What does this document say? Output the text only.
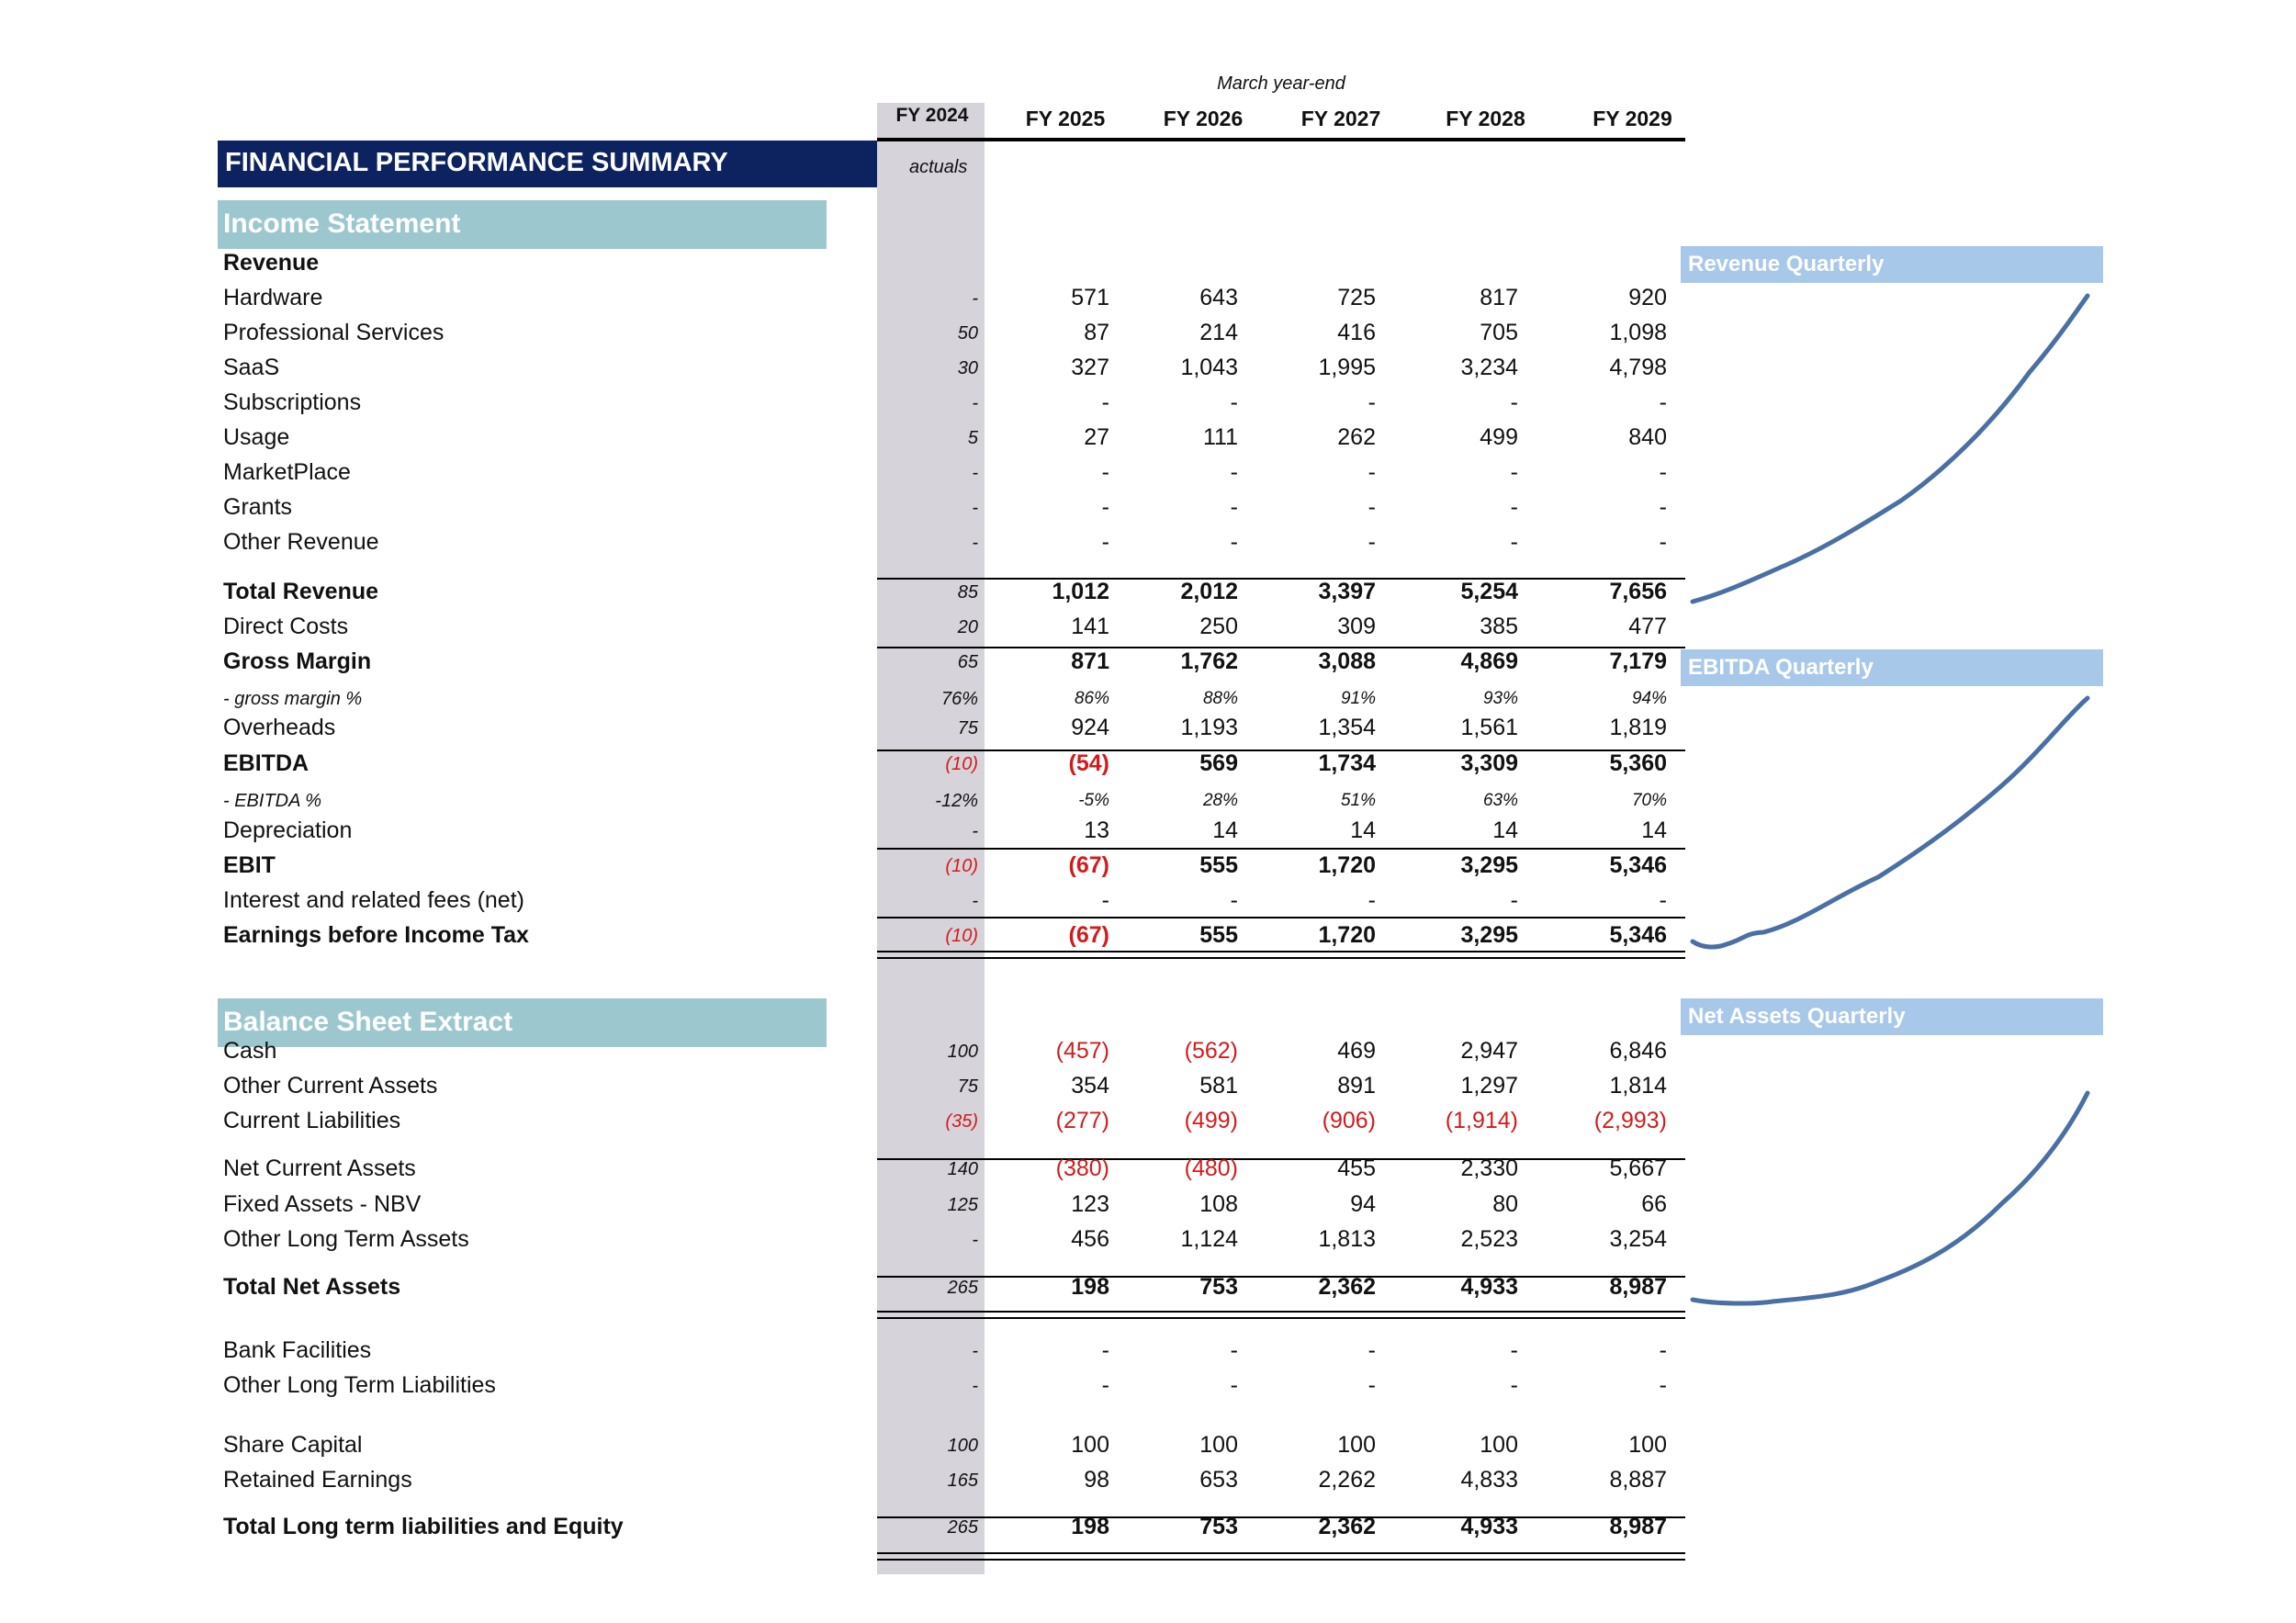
March year-end
FY 2024	FY 2025	FY 2026	FY 2027	FY 2028	FY 2029
FINANCIAL PERFORMANCE SUMMARY	actuals
Income Statement
Balance Sheet Extract
Revenue Quarterly
EBITDA Quarterly
Net Assets Quarterly
Revenue
Hardware	-	571	643	725	817	920
Professional Services	50	87	214	416	705	1,098
SaaS	30	327	1,043	1,995	3,234	4,798
Subscriptions	-	-	-	-	-	-
Usage	5	27	111	262	499	840
MarketPlace	-	-	-	-	-	-
Grants	-	-	-	-	-	-
Other Revenue	-	-	-	-	-	-
Total Revenue	85	1,012	2,012	3,397	5,254	7,656
Direct Costs	20	141	250	309	385	477
Gross Margin	65	871	1,762	3,088	4,869	7,179
- gross margin %	76%	86%	88%	91%	93%	94%
Overheads	75	924	1,193	1,354	1,561	1,819
EBITDA	(10)	(54)	569	1,734	3,309	5,360
- EBITDA %	-12%	-5%	28%	51%	63%	70%
Depreciation	-	13	14	14	14	14
EBIT	(10)	(67)	555	1,720	3,295	5,346
Interest and related fees (net)	-	-	-	-	-	-
Earnings before Income Tax	(10)	(67)	555	1,720	3,295	5,346
Cash	100	(457)	(562)	469	2,947	6,846
Other Current Assets	75	354	581	891	1,297	1,814
Current Liabilities	(35)	(277)	(499)	(906)	(1,914)	(2,993)
Net Current Assets	140	(380)	(480)	455	2,330	5,667
Fixed Assets - NBV	125	123	108	94	80	66
Other Long Term Assets	-	456	1,124	1,813	2,523	3,254
Total Net Assets	265	198	753	2,362	4,933	8,987
Bank Facilities	-	-	-	-	-	-
Other Long Term Liabilities	-	-	-	-	-	-
Share Capital	100	100	100	100	100	100
Retained Earnings	165	98	653	2,262	4,833	8,887
Total Long term liabilities and Equity	265	198	753	2,362	4,933	8,987
